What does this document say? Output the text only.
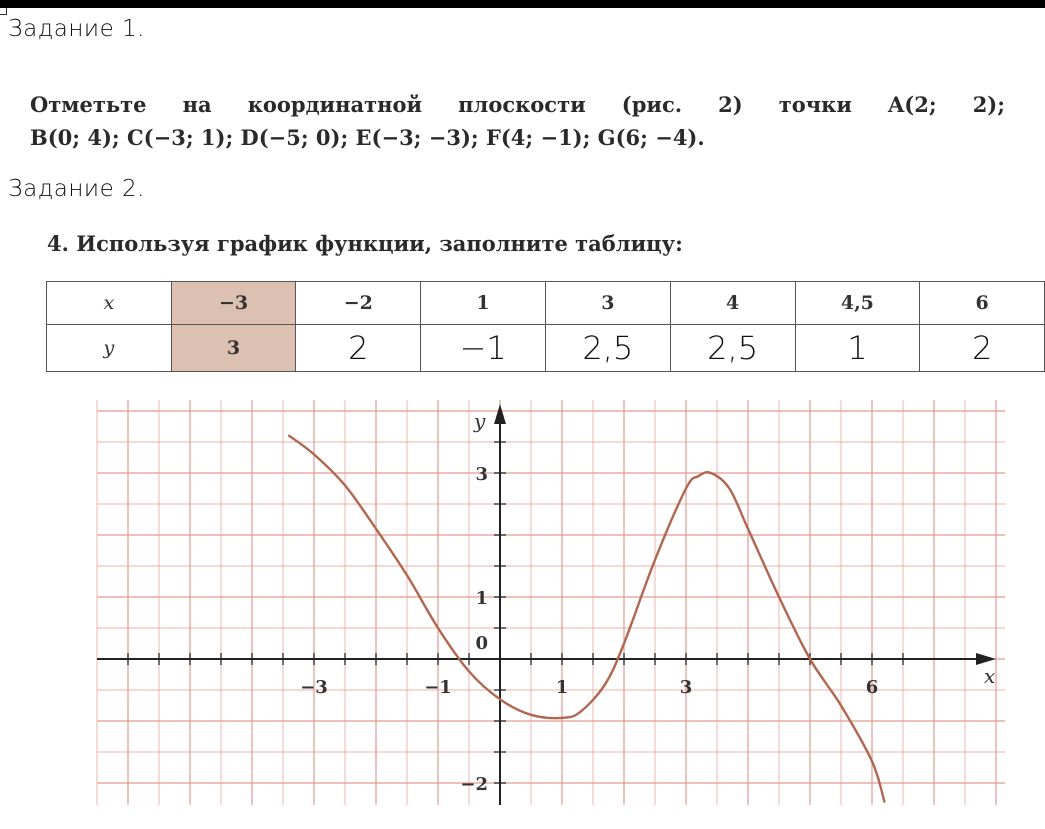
Задание 1.
Отметьте на координатной плоскости (рис. 2) точки A(2; 2);
B(0; 4); C(−3; 1); D(−5; 0); E(−3; −3); F(4; −1); G(6; −4).
Задание 2.
4. Используя график функции, заполните таблицу:
x	−3	−2	1	3	4	4,5	6
y	3	2	−1	2,5	2,5	1	2
−3	−1	1	3	6
3
1
0
−2
x
y
